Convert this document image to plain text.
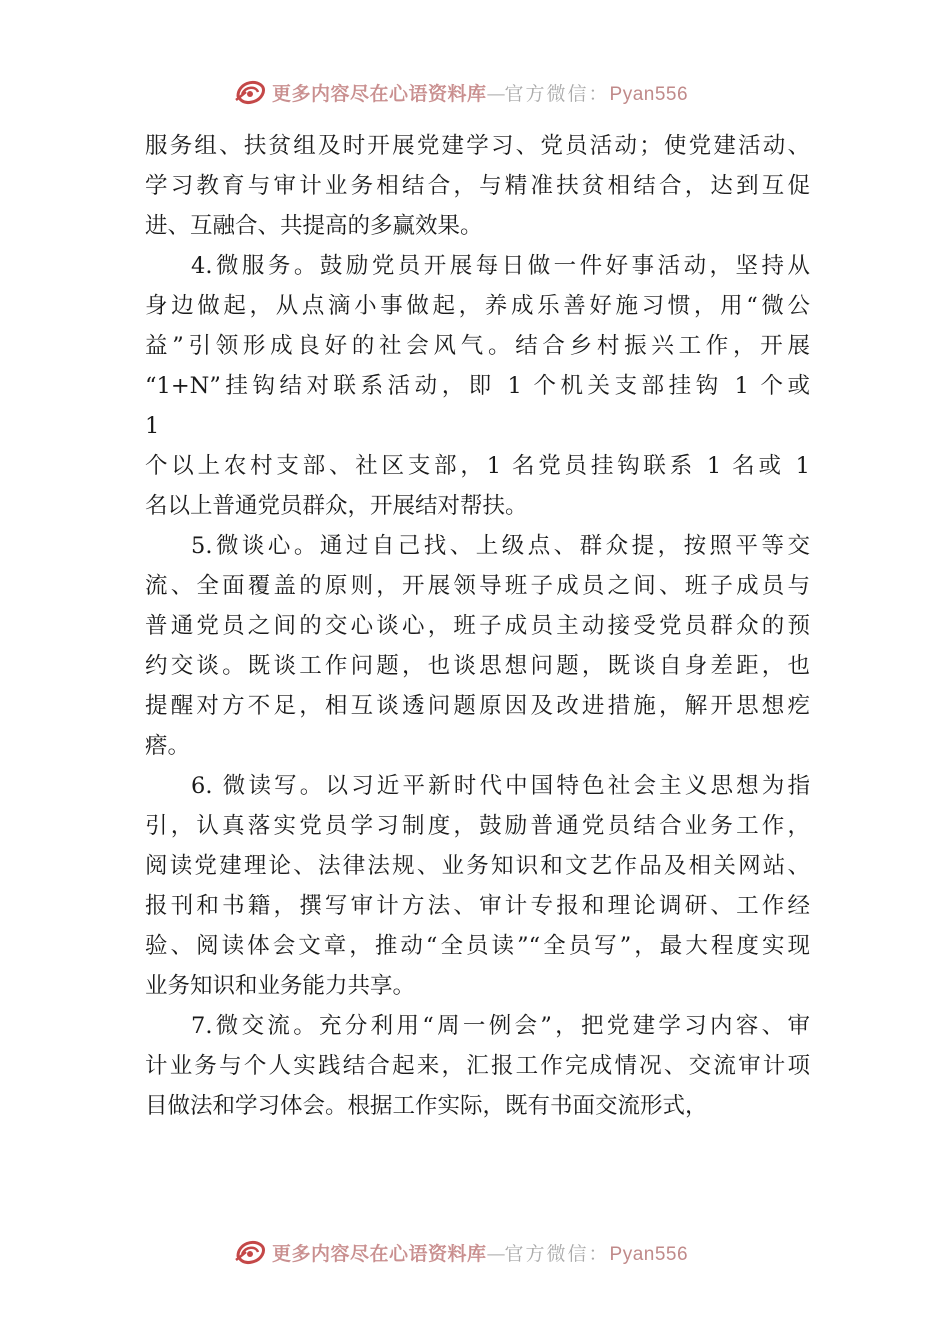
更多内容尽在心语资料库—官方微信：Pyan556
服务组、扶贫组及时开展党建学习、党员活动；使党建活动、
学习教育与审计业务相结合，与精准扶贫相结合，达到互促
进、互融合、共提高的多赢效果。
4.微服务。鼓励党员开展每日做一件好事活动，坚持从
身边做起，从点滴小事做起，养成乐善好施习惯，用“微公
益”引领形成良好的社会风气。结合乡村振兴工作，开展
“1+N”挂钩结对联系活动，即 1 个机关支部挂钩 1 个或
1
个以上农村支部、社区支部，1 名党员挂钩联系 1 名或 1
名以上普通党员群众，开展结对帮扶。
5.微谈心。通过自己找、上级点、群众提，按照平等交
流、全面覆盖的原则，开展领导班子成员之间、班子成员与
普通党员之间的交心谈心，班子成员主动接受党员群众的预
约交谈。既谈工作问题，也谈思想问题，既谈自身差距，也
提醒对方不足，相互谈透问题原因及改进措施，解开思想疙
瘩。
6. 微读写。以习近平新时代中国特色社会主义思想为指
引，认真落实党员学习制度，鼓励普通党员结合业务工作，
阅读党建理论、法律法规、业务知识和文艺作品及相关网站、
报刊和书籍，撰写审计方法、审计专报和理论调研、工作经
验、阅读体会文章，推动“全员读”“全员写”，最大程度实现
业务知识和业务能力共享。
7.微交流。充分利用“周一例会”，把党建学习内容、审
计业务与个人实践结合起来，汇报工作完成情况、交流审计项
目做法和学习体会。根据工作实际，既有书面交流形式，
更多内容尽在心语资料库—官方微信：Pyan556
